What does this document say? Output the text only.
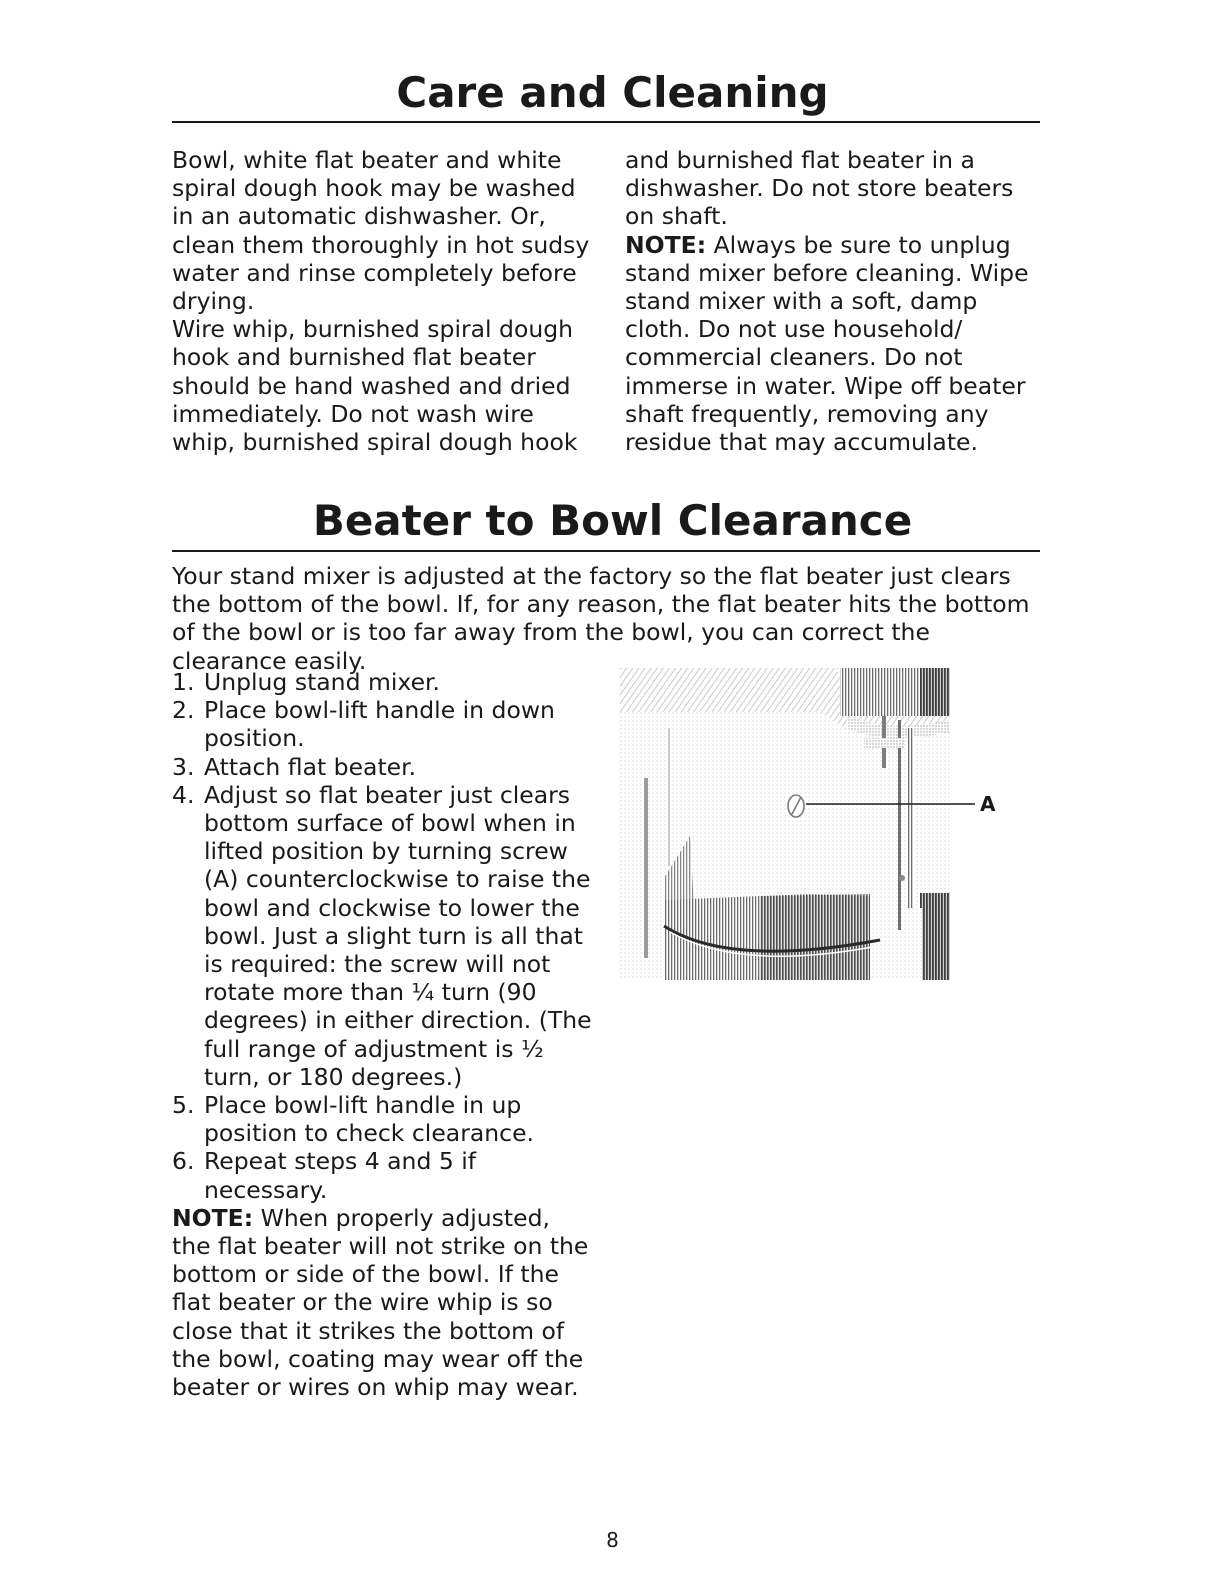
Care and Cleaning

Bowl, white flat beater and white spiral dough hook may be washed in an automatic dishwasher. Or, clean them thoroughly in hot sudsy water and rinse completely before drying.

Wire whip, burnished spiral dough hook and burnished flat beater should be hand washed and dried immediately. Do not wash wire whip, burnished spiral dough hook

and burnished flat beater in a dishwasher. Do not store beaters on shaft.

NOTE: Always be sure to unplug stand mixer before cleaning. Wipe stand mixer with a soft, damp cloth. Do not use household/ commercial cleaners. Do not immerse in water. Wipe off beater shaft frequently, removing any residue that may accumulate.

Beater to Bowl Clearance

Your stand mixer is adjusted at the factory so the flat beater just clears the bottom of the bowl. If, for any reason, the flat beater hits the bottom of the bowl or is too far away from the bowl, you can correct the clearance easily.

1. Unplug stand mixer.
2. Place bowl-lift handle in down position.
3. Attach flat beater.
4. Adjust so flat beater just clears bottom surface of bowl when in lifted position by turning screw (A) counterclockwise to raise the bowl and clockwise to lower the bowl. Just a slight turn is all that is required: the screw will not rotate more than ¼ turn (90 degrees) in either direction. (The full range of adjustment is ½ turn, or 180 degrees.)
5. Place bowl-lift handle in up position to check clearance.
6. Repeat steps 4 and 5 if necessary.

NOTE: When properly adjusted, the flat beater will not strike on the bottom or side of the bowl. If the flat beater or the wire whip is so close that it strikes the bottom of the bowl, coating may wear off the beater or wires on whip may wear.

A
8
